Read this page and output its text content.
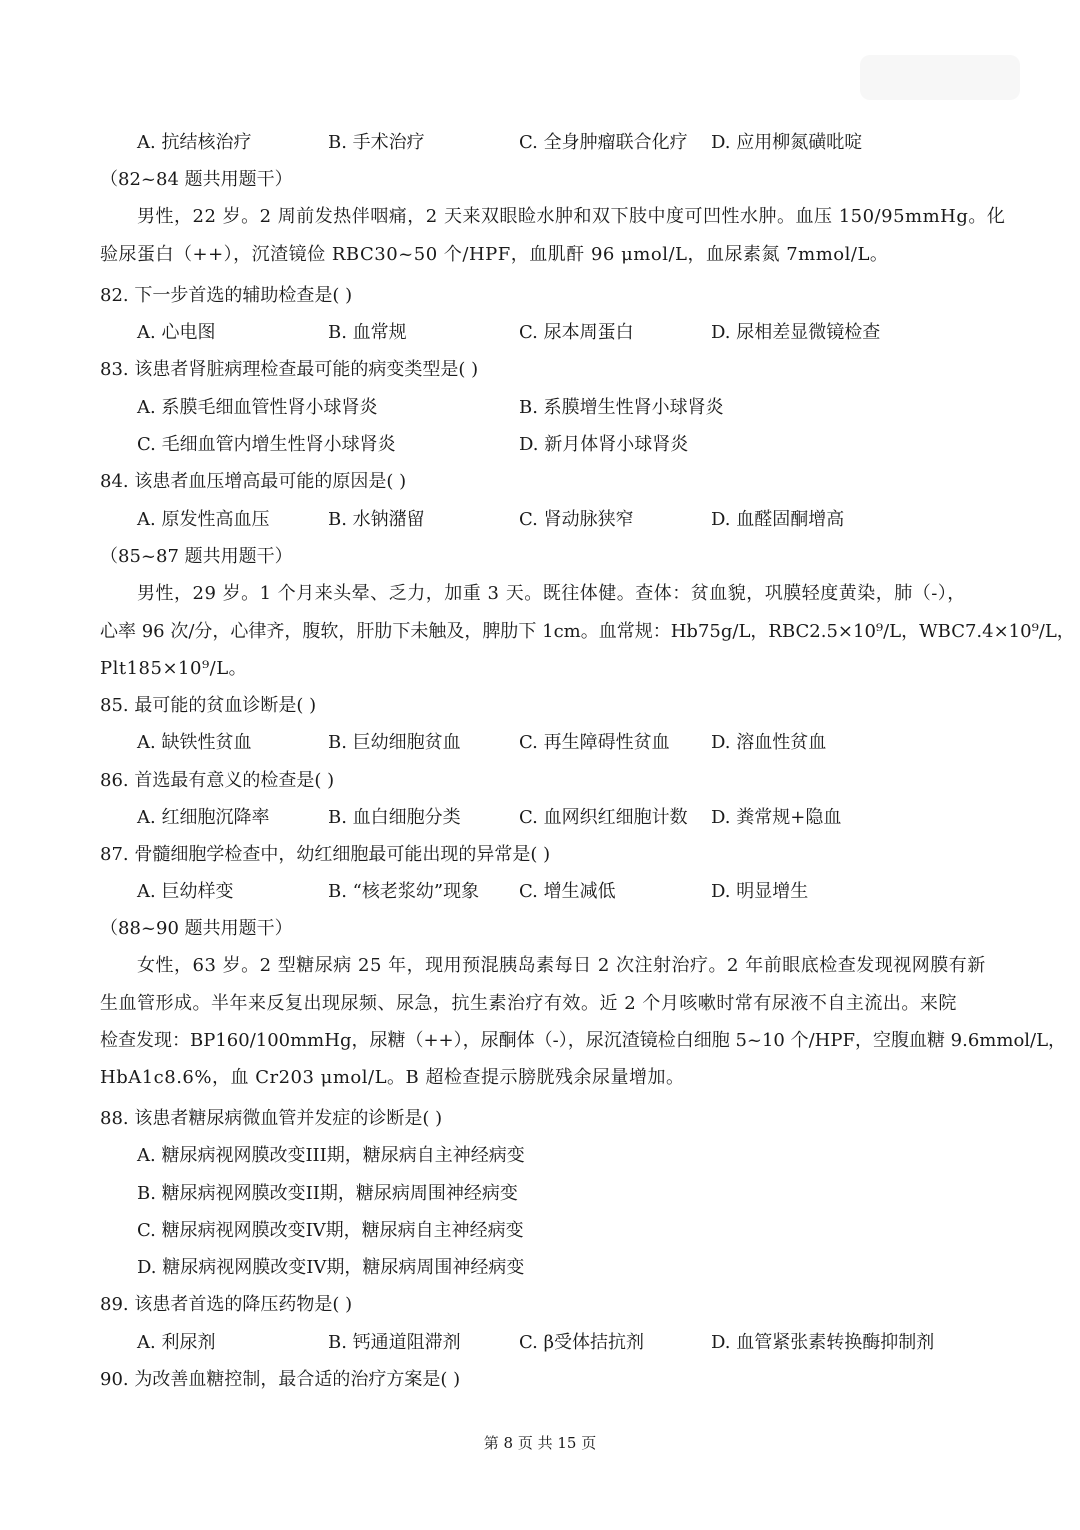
A. 抗结核治疗	B. 手术治疗	C. 全身肿瘤联合化疗 D. 应用柳氮磺吡啶
（82~84 题共用题干）
男性，22 岁。2 周前发热伴咽痛，2 天来双眼睑水肿和双下肢中度可凹性水肿。血压 150/95mmHg。化
验尿蛋白（++），沉渣镜俭 RBC30~50 个/HPF，血肌酐 96 μmol/L，血尿素氮 7mmol/L。
82. 下一步首选的辅助检查是( )
A. 心电图	B. 血常规	C. 尿本周蛋白	D. 尿相差显微镜检查
83. 该患者肾脏病理检查最可能的病变类型是( )
A. 系膜毛细血管性肾小球肾炎	B. 系膜增生性肾小球肾炎
C. 毛细血管内增生性肾小球肾炎	D. 新月体肾小球肾炎
84. 该患者血压增高最可能的原因是( )
A. 原发性高血压	B. 水钠潴留	C. 肾动脉狭窄	D. 血醛固酮增高
（85~87 题共用题干）
男性，29 岁。1 个月来头晕、乏力，加重 3 天。既往体健。查体：贫血貌，巩膜轻度黄染，肺（-），
心率 96 次/分，心律齐，腹软，肝肋下未触及，脾肋下 1cm。血常规：Hb75g/L，RBC2.5×10⁹/L，WBC7.4×10⁹/L，
Plt185×10⁹/L。
85. 最可能的贫血诊断是( )
A. 缺铁性贫血	B. 巨幼细胞贫血	C. 再生障碍性贫血 D. 溶血性贫血
86. 首选最有意义的检查是( )
A. 红细胞沉降率	B. 血白细胞分类	C. 血网织红细胞计数 D. 粪常规+隐血
87. 骨髓细胞学检查中，幼红细胞最可能出现的异常是( )
A. 巨幼样变	B. “核老浆幼”现象 C. 增生减低	D. 明显增生
（88~90 题共用题干）
女性，63 岁。2 型糖尿病 25 年，现用预混胰岛素每日 2 次注射治疗。2 年前眼底检查发现视网膜有新
生血管形成。半年来反复出现尿频、尿急，抗生素治疗有效。近 2 个月咳嗽时常有尿液不自主流出。来院
检查发现：BP160/100mmHg，尿糖（++），尿酮体（-），尿沉渣镜检白细胞 5~10 个/HPF，空腹血糖 9.6mmol/L，
HbA1c8.6%，血 Cr203 μmol/L。B 超检查提示膀胱残余尿量增加。
88. 该患者糖尿病微血管并发症的诊断是( )
A. 糖尿病视网膜改变III期，糖尿病自主神经病变
B. 糖尿病视网膜改变II期，糖尿病周围神经病变
C. 糖尿病视网膜改变IV期，糖尿病自主神经病变
D. 糖尿病视网膜改变IV期，糖尿病周围神经病变
89. 该患者首选的降压药物是( )
A. 利尿剂	B. 钙通道阻滞剂	C. β受体拮抗剂	D. 血管紧张素转换酶抑制剂
90. 为改善血糖控制，最合适的治疗方案是( )
第 8 页 共 15 页
